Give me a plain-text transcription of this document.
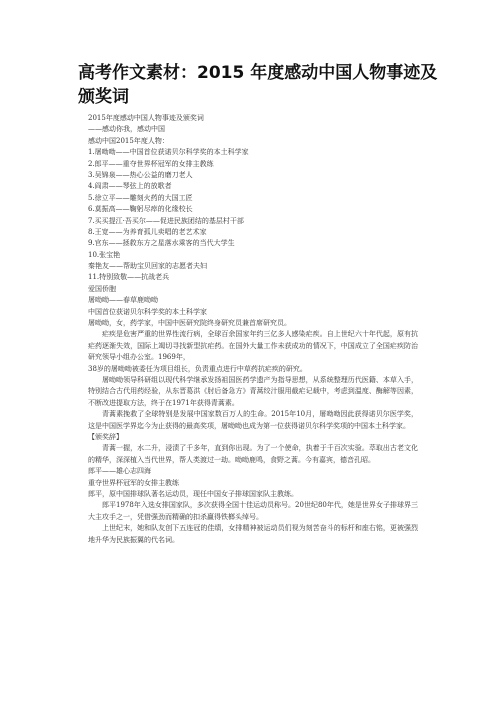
高考作文素材：2015 年度感动中国人物事迹及颁奖词
2015年度感动中国人物事迹及颁奖词
——感动你我，感动中国
感动中国2015年度人物：
1.屠呦呦——中国首位获诺贝尔科学奖的本土科学家
2.郎平——重夺世界杯冠军的女排主教练
3.吴锦泉——热心公益的磨刀老人
4.阎肃——琴弦上的放歌者
5.徐立平——雕刻火药的大国工匠
6.莫振高——鞠躬尽瘁的化缘校长
7.买买提江·吾买尔——促进民族团结的基层村干部
8.王宽——为养育孤儿卖唱的老艺术家
9.官东——拯救东方之星落水乘客的当代大学生
10.张宝艳
秦艳友——帮助宝贝回家的志愿者夫妇
11.特别致敬——抗战老兵
爱国侨胞
屠呦呦——春草鹿呦呦
中国首位获诺贝尔科学奖的本土科学家
屠呦呦，女，药学家，中国中医研究院终身研究员兼首席研究员。
疟疾是危害严重的世界性流行病，全球百余国家年约三亿多人感染疟疾。自上世纪六十年代起，原有抗疟药逐渐失效，国际上竭切寻找新型抗疟药。在国外大量工作未获成功的情况下，中国成立了全国疟疾防治研究领导小组办公室。1969年，
38岁的屠呦呦被委任为项目组长，负责重点进行中草药抗疟疾的研究。
屠呦呦领导科研组以现代科学继承发扬祖国医药学遗产为指导思想，从系统整理历代医籍、本草入手，特别结合古代用药经验，从东晋葛洪《肘后备急方》青蒿绞汁服用截疟记载中，考虑到温度、酶解等因素，不断改进提取方法，终于在1971年获得青蒿素。
青蒿素挽救了全球特别是发展中国家数百万人的生命。2015年10月，屠呦呦因此获得诺贝尔医学奖，这是中国医学界迄今为止获得的最高奖项，屠呦呦也成为第一位获得诺贝尔科学奖项的中国本土科学家。
【颁奖辞】
青蒿一握，水二升，浸渍了千多年，直到你出现。为了一个使命，执着于千百次实验。萃取出古老文化的精华，深深植入当代世界，帮人类渡过一劫。呦呦鹿鸣，食野之蒿。今有嘉宾，德音孔昭。
郎平——雄心志四海
重夺世界杯冠军的女排主教练
郎平，原中国排球队著名运动员，现任中国女子排球国家队主教练。
郎平1978年入选女排国家队，多次获得全国十佳运动员称号。20世纪80年代，她是世界女子排球界三大主攻手之一，凭借强劲而精确的扣杀赢得铁榔头绰号。
上世纪末，她和队友创下五连冠的佳绩，女排精神被运动员们视为刻苦奋斗的标杆和座右铭，更被强烈地升华为民族振翼的代名词。
